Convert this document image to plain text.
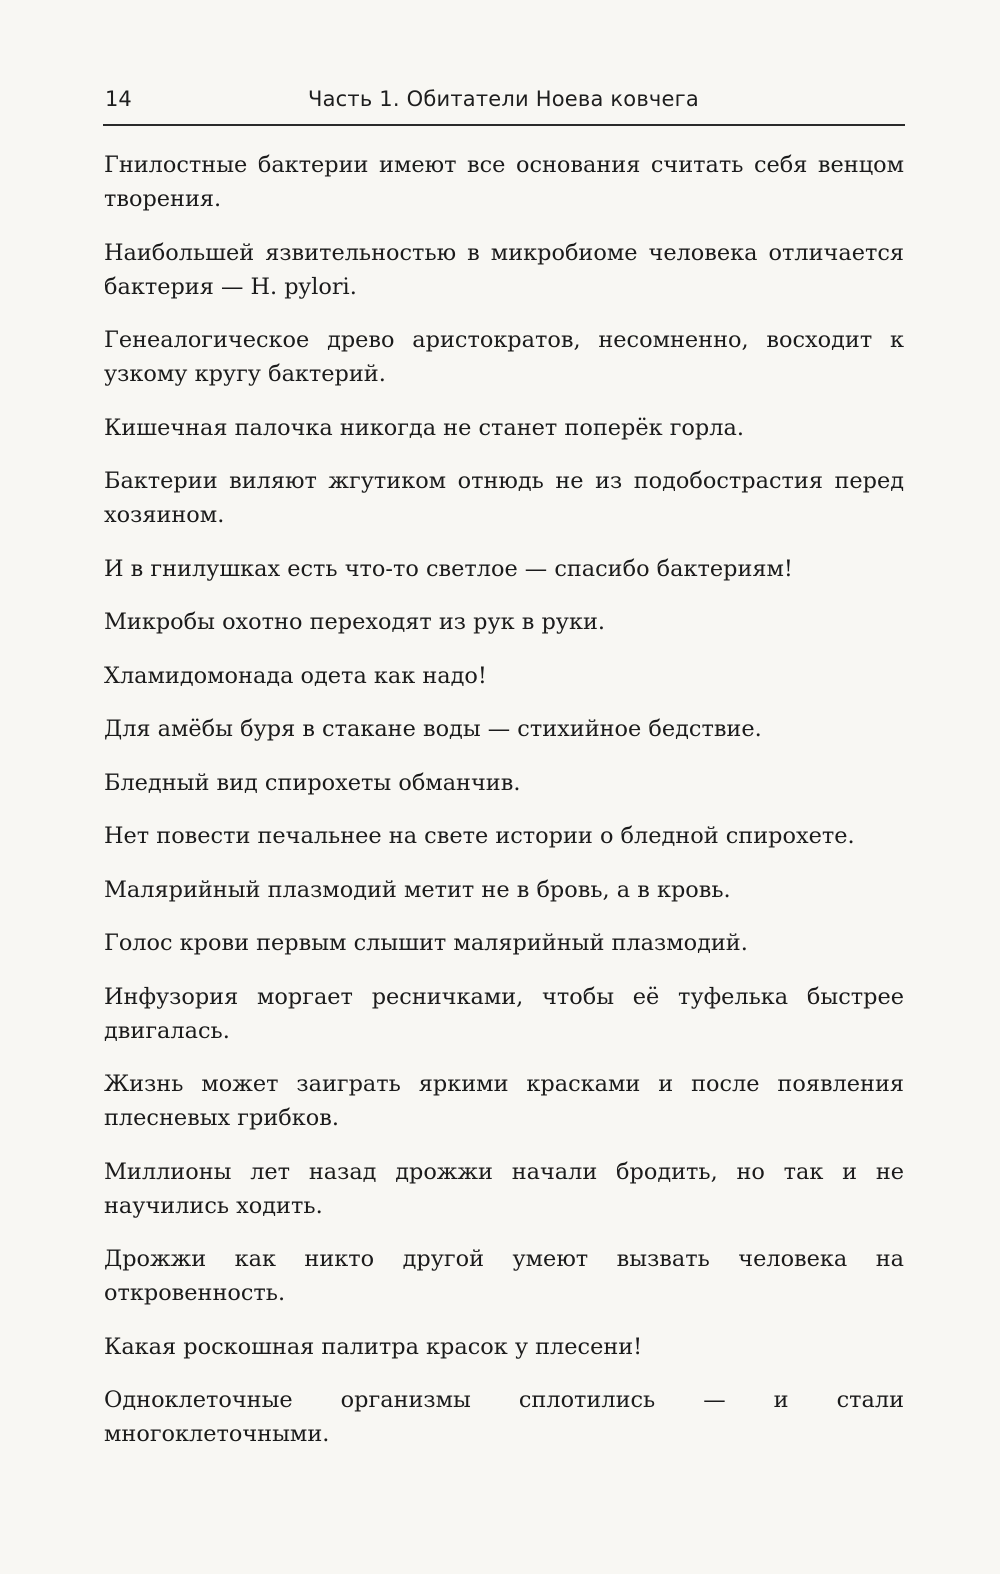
14	Часть 1. Обитатели Ноева ковчега

Гнилостные бактерии имеют все основания считать себя венцом творения.

Наибольшей язвительностью в микробиоме человека отличается бактерия — H. pylori.

Генеалогическое древо аристократов, несомненно, восходит к узкому кругу бактерий.

Кишечная палочка никогда не станет поперёк горла.

Бактерии виляют жгутиком отнюдь не из подобострастия перед хозяином.

И в гнилушках есть что-то светлое — спасибо бактериям!

Микробы охотно переходят из рук в руки.

Хламидомонада одета как надо!

Для амёбы буря в стакане воды — стихийное бедствие.

Бледный вид спирохеты обманчив.

Нет повести печальнее на свете истории о бледной спирохете.

Малярийный плазмодий метит не в бровь, а в кровь.

Голос крови первым слышит малярийный плазмодий.

Инфузория моргает ресничками, чтобы её туфелька быстрее двигалась.

Жизнь может заиграть яркими красками и после появления плесневых грибков.

Миллионы лет назад дрожжи начали бродить, но так и не научились ходить.

Дрожжи как никто другой умеют вызвать человека на откровенность.

Какая роскошная палитра красок у плесени!

Одноклеточные организмы сплотились — и стали многоклеточными.
